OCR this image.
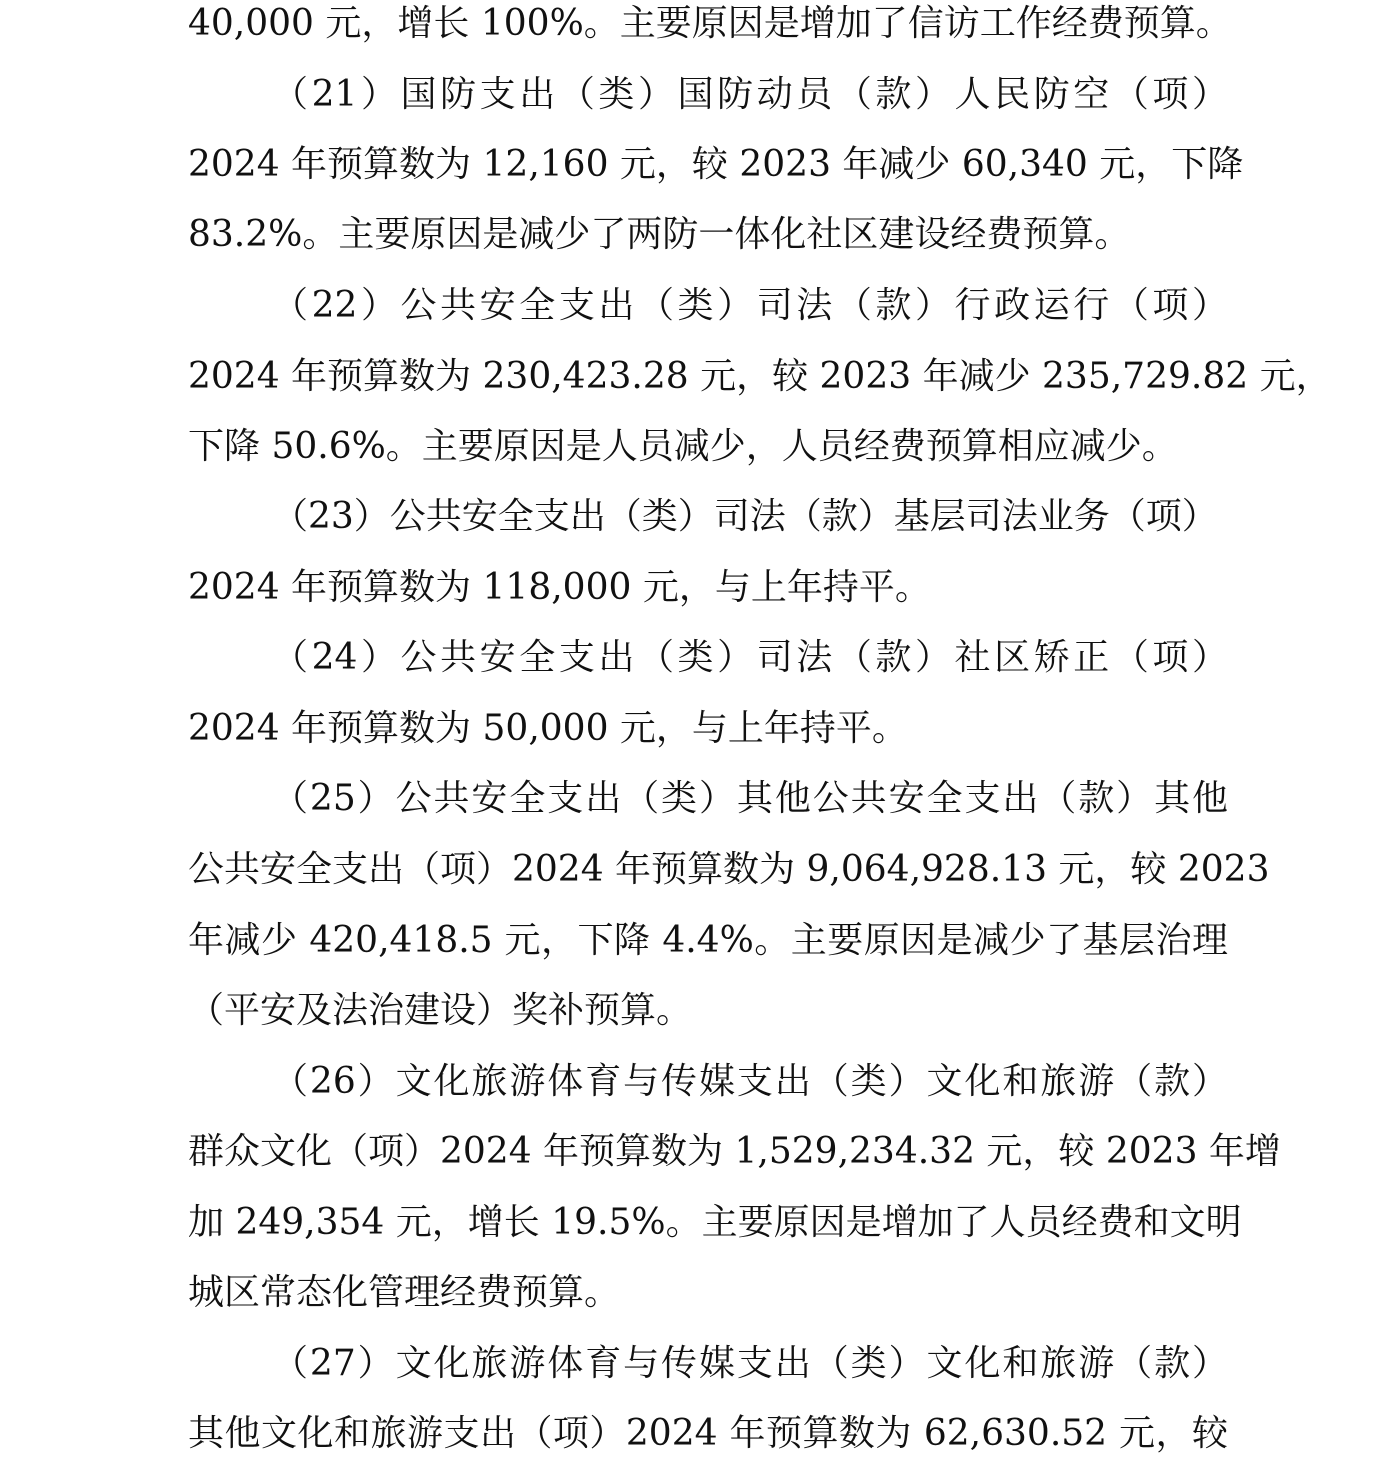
40,000 元，增长 100%。主要原因是增加了信访工作经费预算。
（21）国防支出（类）国防动员（款）人民防空（项）
2024 年预算数为 12,160 元，较 2023 年减少 60,340 元，下降
83.2%。主要原因是减少了两防一体化社区建设经费预算。
（22）公共安全支出（类）司法（款）行政运行（项）
2024 年预算数为 230,423.28 元，较 2023 年减少 235,729.82 元，
下降 50.6%。主要原因是人员减少，人员经费预算相应减少。
（23）公共安全支出（类）司法（款）基层司法业务（项）
2024 年预算数为 118,000 元，与上年持平。
（24）公共安全支出（类）司法（款）社区矫正（项）
2024 年预算数为 50,000 元，与上年持平。
（25）公共安全支出（类）其他公共安全支出（款）其他
公共安全支出（项）2024 年预算数为 9,064,928.13 元，较 2023
年减少 420,418.5 元，下降 4.4%。主要原因是减少了基层治理
（平安及法治建设）奖补预算。
（26）文化旅游体育与传媒支出（类）文化和旅游（款）
群众文化（项）2024 年预算数为 1,529,234.32 元，较 2023 年增
加 249,354 元，增长 19.5%。主要原因是增加了人员经费和文明
城区常态化管理经费预算。
（27）文化旅游体育与传媒支出（类）文化和旅游（款）
其他文化和旅游支出（项）2024 年预算数为 62,630.52 元，较
